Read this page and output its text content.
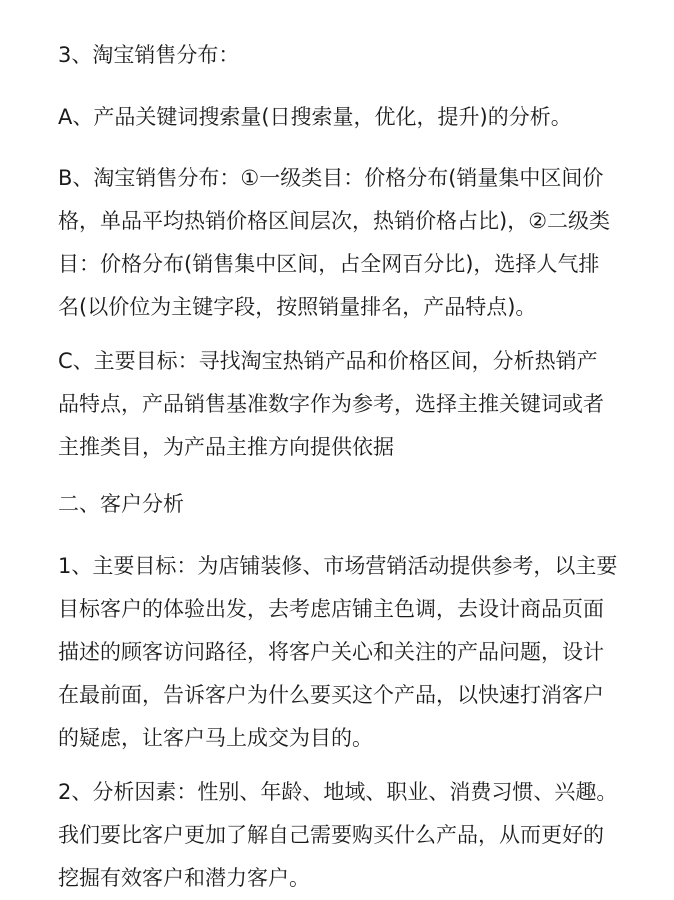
3、淘宝销售分布：
A、产品关键词搜索量(日搜索量，优化，提升)的分析。

B、淘宝销售分布：①一级类目：价格分布(销量集中区间价格，单品平均热销价格区间层次，热销价格占比)，②二级类目：价格分布(销售集中区间，占全网百分比)，选择人气排名(以价位为主键字段，按照销量排名，产品特点)。

C、主要目标：寻找淘宝热销产品和价格区间，分析热销产品特点，产品销售基准数字作为参考，选择主推关键词或者主推类目，为产品主推方向提供依据

二、客户分析

1、主要目标：为店铺装修、市场营销活动提供参考，以主要目标客户的体验出发，去考虑店铺主色调，去设计商品页面描述的顾客访问路径，将客户关心和关注的产品问题，设计在最前面，告诉客户为什么要买这个产品，以快速打消客户的疑虑，让客户马上成交为目的。

2、分析因素：性别、年龄、地域、职业、消费习惯、兴趣。我们要比客户更加了解自己需要购买什么产品，从而更好的挖掘有效客户和潜力客户。
